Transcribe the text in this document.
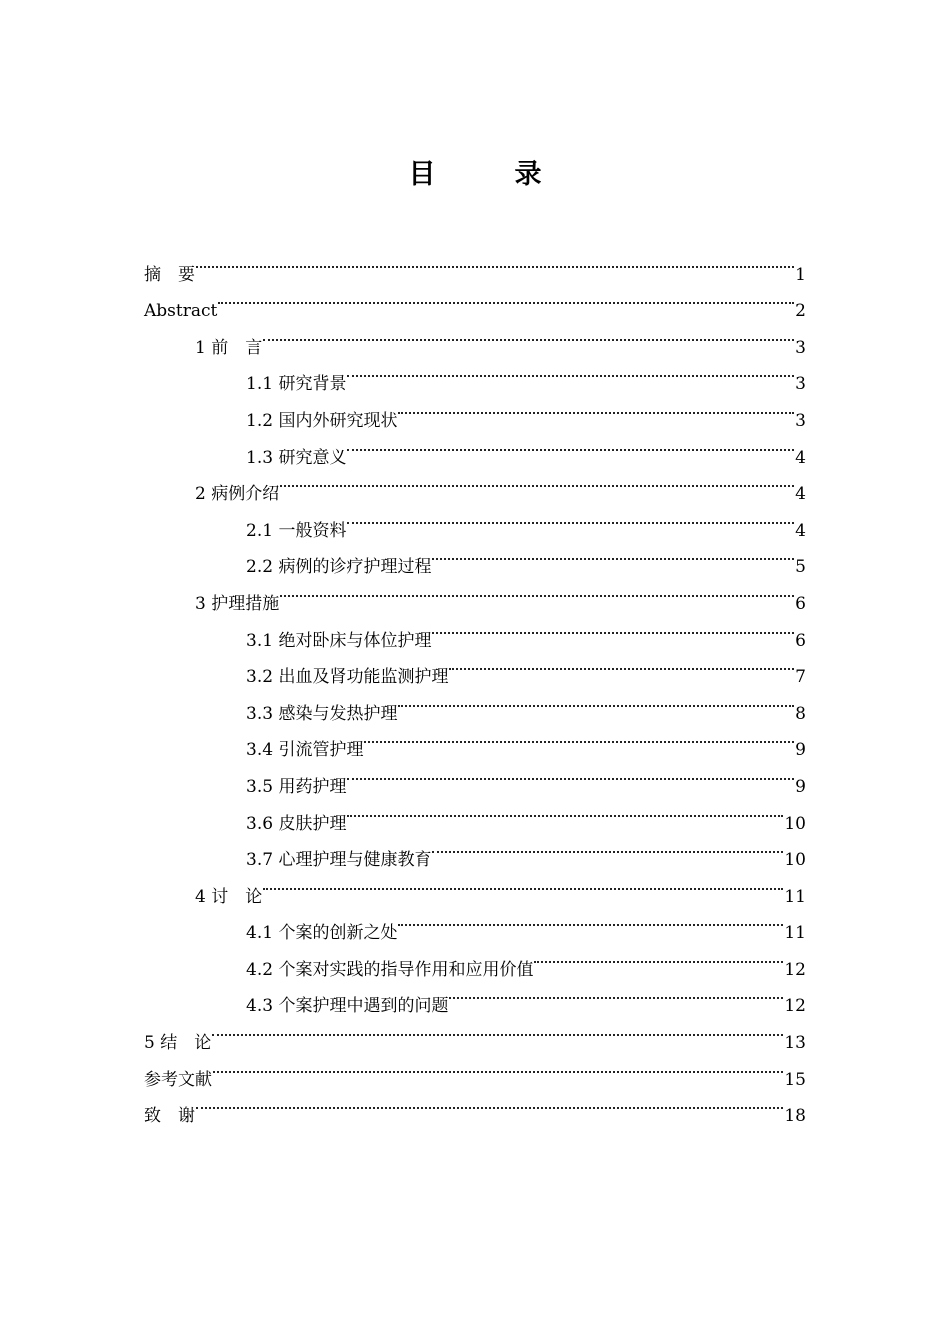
目　录
摘　要	1
Abstract	2
1 前　言	3
1.1 研究背景	3
1.2 国内外研究现状	3
1.3 研究意义	4
2 病例介绍	4
2.1 一般资料	4
2.2 病例的诊疗护理过程	5
3 护理措施	6
3.1 绝对卧床与体位护理	6
3.2 出血及肾功能监测护理	7
3.3 感染与发热护理	8
3.4 引流管护理	9
3.5 用药护理	9
3.6 皮肤护理	10
3.7 心理护理与健康教育	10
4 讨　论	11
4.1 个案的创新之处	11
4.2 个案对实践的指导作用和应用价值	12
4.3 个案护理中遇到的问题	12
5 结　论	13
参考文献	15
致　谢	18
